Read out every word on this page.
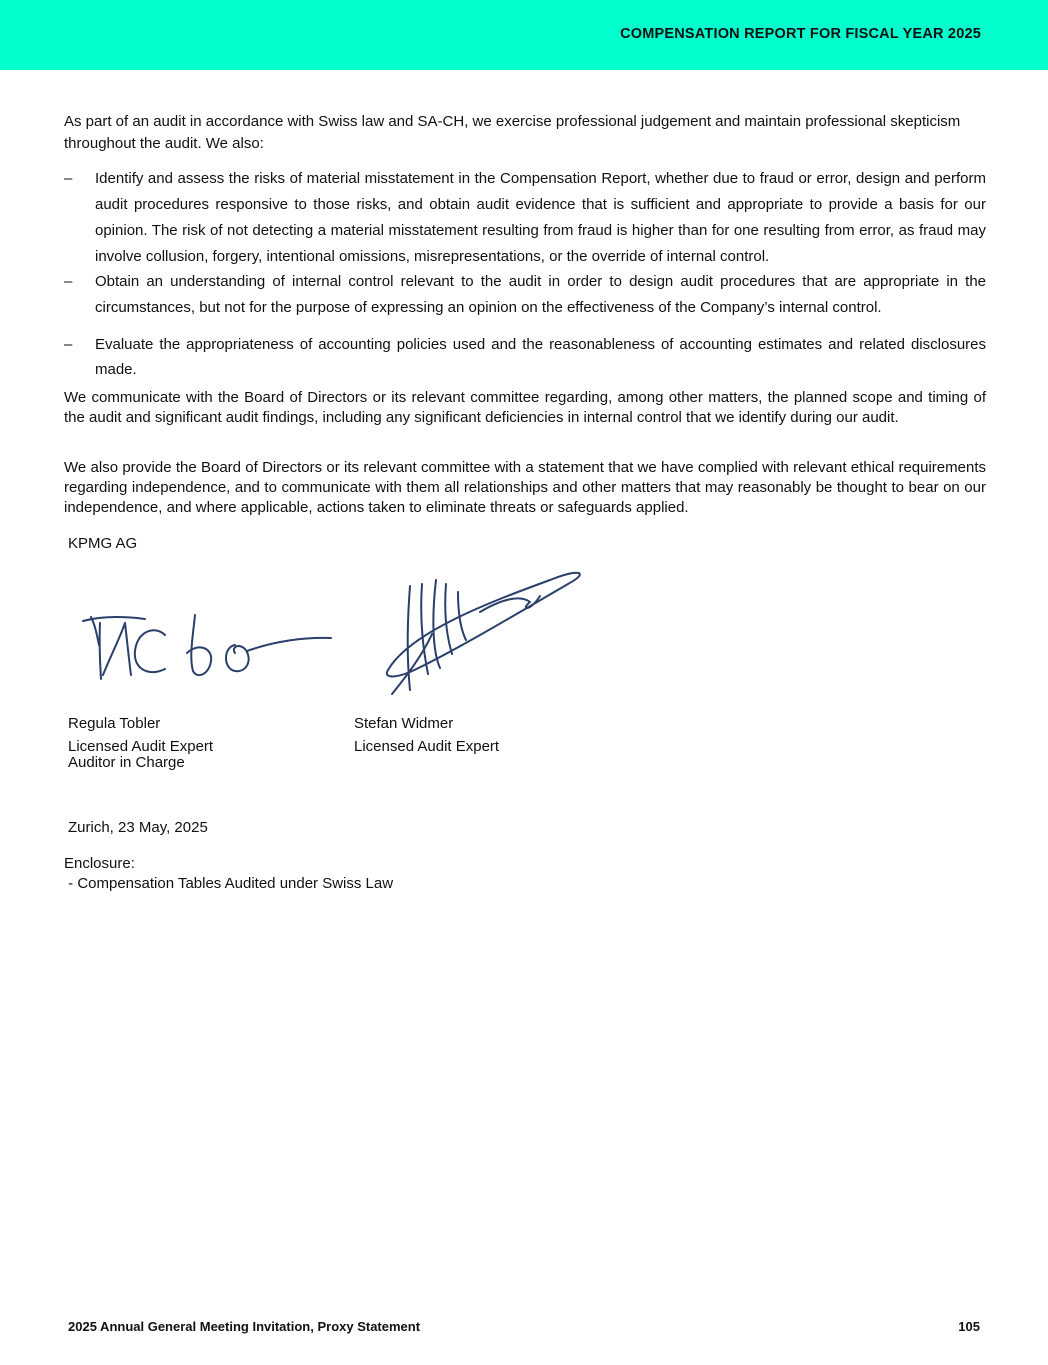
COMPENSATION REPORT FOR FISCAL YEAR 2025

As part of an audit in accordance with Swiss law and SA-CH, we exercise professional judgement and maintain professional skepticism throughout the audit. We also:

– Identify and assess the risks of material misstatement in the Compensation Report, whether due to fraud or error, design and perform audit procedures responsive to those risks, and obtain audit evidence that is sufficient and appropriate to provide a basis for our opinion. The risk of not detecting a material misstatement resulting from fraud is higher than for one resulting from error, as fraud may involve collusion, forgery, intentional omissions, misrepresentations, or the override of internal control.
– Obtain an understanding of internal control relevant to the audit in order to design audit procedures that are appropriate in the circumstances, but not for the purpose of expressing an opinion on the effectiveness of the Company’s internal control.
– Evaluate the appropriateness of accounting policies used and the reasonableness of accounting estimates and related disclosures made.

We communicate with the Board of Directors or its relevant committee regarding, among other matters, the planned scope and timing of the audit and significant audit findings, including any significant deficiencies in internal control that we identify during our audit.

We also provide the Board of Directors or its relevant committee with a statement that we have complied with relevant ethical requirements regarding independence, and to communicate with them all relationships and other matters that may reasonably be thought to bear on our independence, and where applicable, actions taken to eliminate threats or safeguards applied.

KPMG AG
Regula Tobler
Licensed Audit Expert
Auditor in Charge
Stefan Widmer
Licensed Audit Expert
Zurich, 23 May, 2025
Enclosure:
- Compensation Tables Audited under Swiss Law
2025 Annual General Meeting Invitation, Proxy Statement	105
